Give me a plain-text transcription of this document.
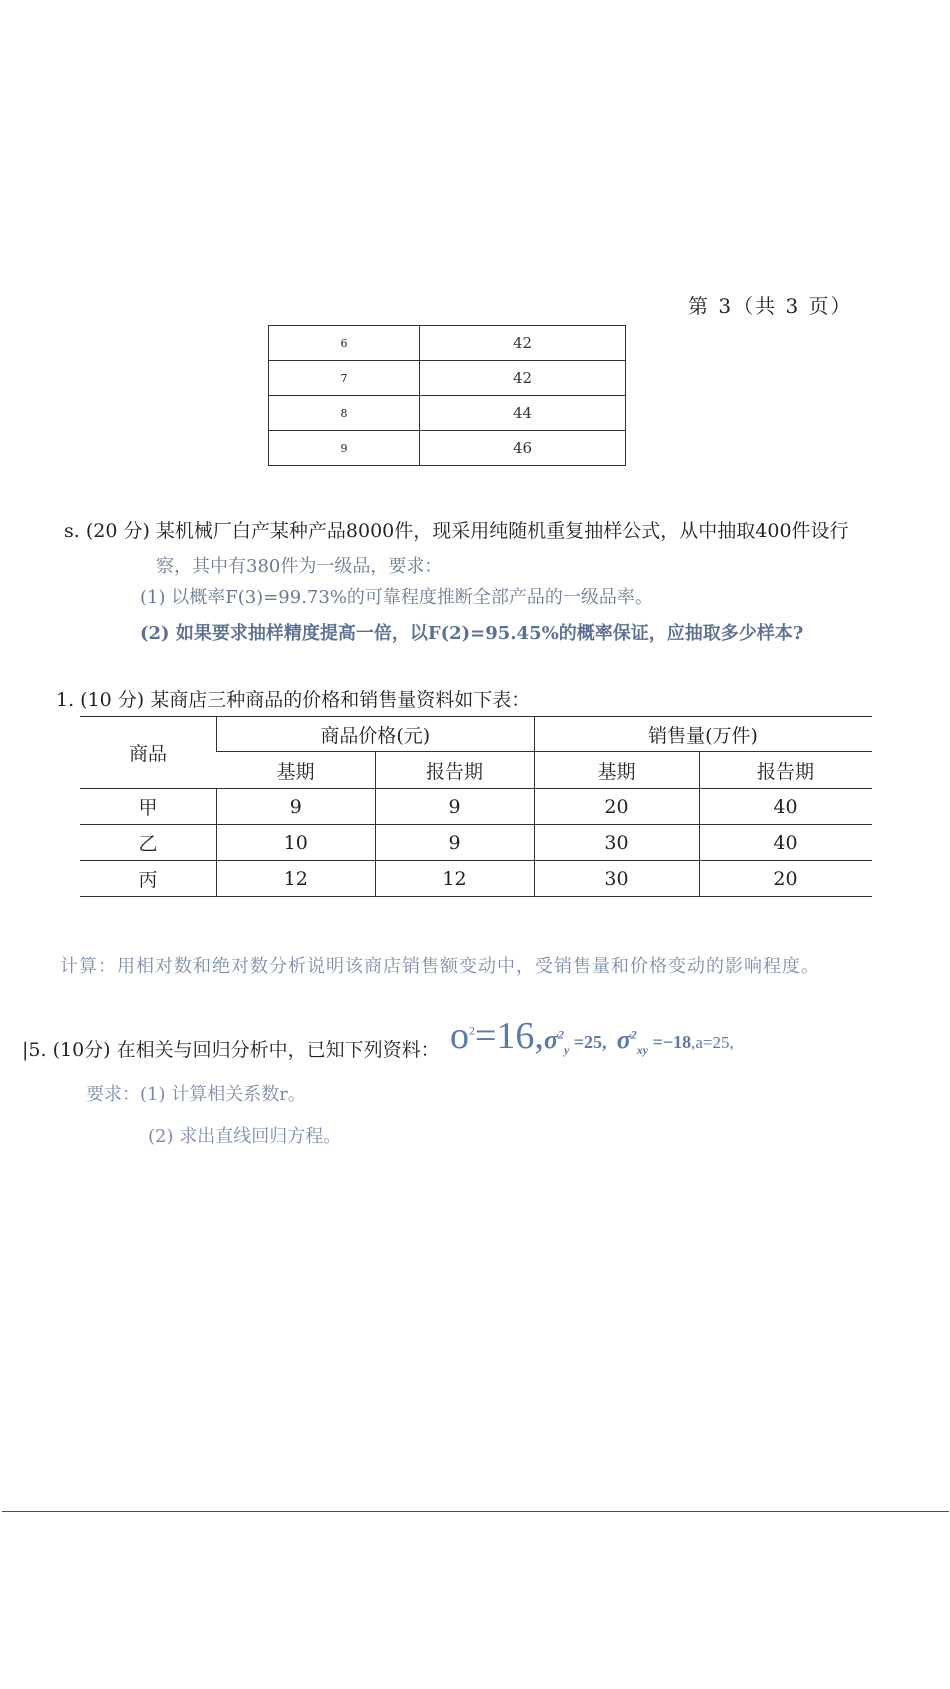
第 3（共 3 页）
6	42
7	42
8	44
9	46
s. (20 分) 某机械厂白产某种产品8000件，现采用纯随机重复抽样公式，从中抽取400件设行
察，其中有380件为一级品，要求：
(1) 以概率F(3)=99.73%的可靠程度推断全部产品的一级品率。
(2) 如果要求抽样精度提高一倍，以F(2)=95.45%的概率保证，应抽取多少样本?
1. (10 分) 某商店三种商品的价格和销售量资料如下表：
商品	商品价格(元)		销售量(万件)	
	基期	报告期	基期	报告期
甲	9	9	20	40
乙	10	9	30	40
丙	12	12	30	20
计算：用相对数和绝对数分析说明该商店销售额变动中，受销售量和价格变动的影响程度。
|5. (10分) 在相关与回归分析中，已知下列资料： $o^2=16,\sigma^2_y =25$, $\sigma^2_{xy} =-18,a=25$,
要求：(1) 计算相关系数r。
(2) 求出直线回归方程。
